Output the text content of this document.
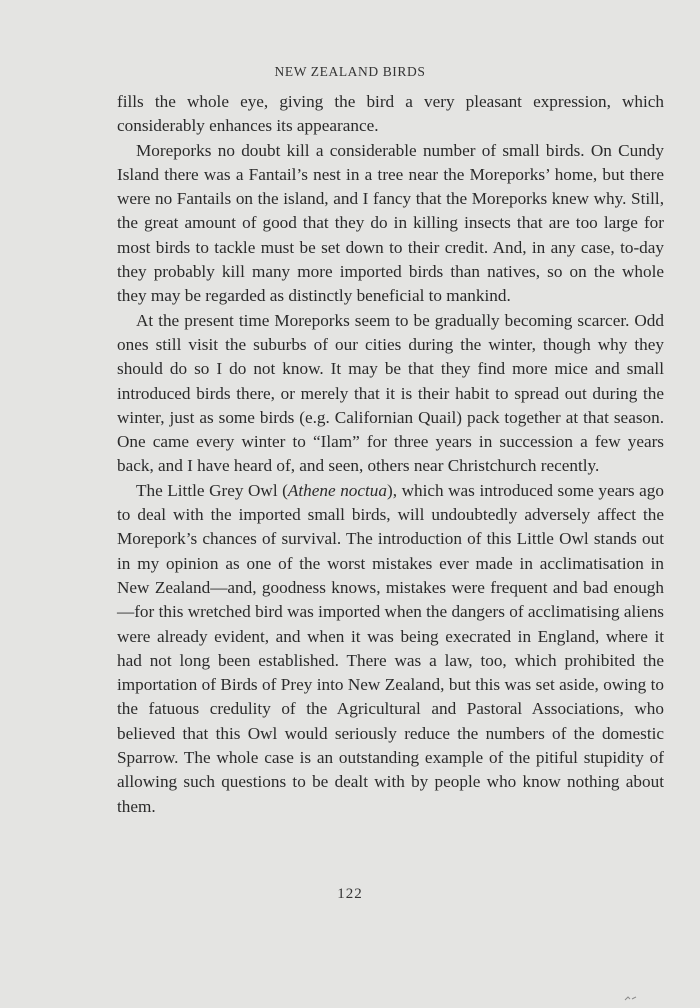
NEW ZEALAND BIRDS

fills the whole eye, giving the bird a very pleasant expression, which considerably enhances its appearance.

Moreporks no doubt kill a considerable number of small birds. On Cundy Island there was a Fantail’s nest in a tree near the Moreporks’ home, but there were no Fantails on the island, and I fancy that the Moreporks knew why. Still, the great amount of good that they do in killing insects that are too large for most birds to tackle must be set down to their credit. And, in any case, to-day they probably kill many more imported birds than natives, so on the whole they may be regarded as distinctly beneficial to mankind.

At the present time Moreporks seem to be gradually becoming scarcer. Odd ones still visit the suburbs of our cities during the winter, though why they should do so I do not know. It may be that they find more mice and small introduced birds there, or merely that it is their habit to spread out during the winter, just as some birds (e.g. Californian Quail) pack together at that season. One came every winter to “Ilam” for three years in succession a few years back, and I have heard of, and seen, others near Christchurch recently.

The Little Grey Owl (Athene noctua), which was introduced some years ago to deal with the imported small birds, will undoubtedly adversely affect the Morepork’s chances of survival. The introduction of this Little Owl stands out in my opinion as one of the worst mistakes ever made in acclimatisation in New Zealand—and, goodness knows, mistakes were frequent and bad enough—for this wretched bird was imported when the dangers of acclimatising aliens were already evident, and when it was being execrated in England, where it had not long been established. There was a law, too, which prohibited the importation of Birds of Prey into New Zealand, but this was set aside, owing to the fatuous credulity of the Agricultural and Pastoral Associations, who believed that this Owl would seriously reduce the numbers of the domestic Sparrow. The whole case is an outstanding example of the pitiful stupidity of allowing such questions to be dealt with by people who know nothing about them.

122
